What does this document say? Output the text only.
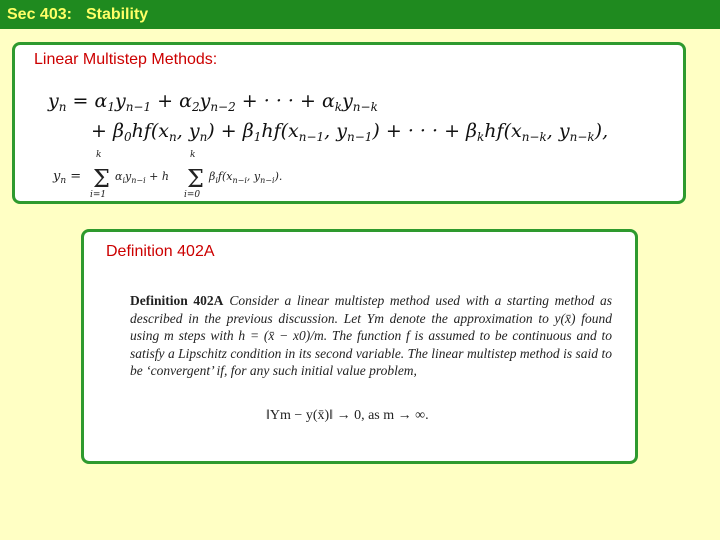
Sec 403: Stability
Linear Multistep Methods:
$y_n = \alpha_1y_{n-1} + \alpha_2y_{n-2}$ + · · · + $\alpha_ky_{n-k}$
+ $\beta_0hf(x_n$, $y_n) + \beta_1hf(x_{n-1}$, $y_{n-1}$) + · · · + $\beta_khf(x_{n-k}$, $y_{n-k}$),
$y_n = \Sigma$
k
i=1
$\alpha_iy_{n-i} + h$ Σ
k
i=0
$\beta_if(x_{n-i}$, $y_{n-i}$).
Definition 402A
Definition 402A Consider a linear multistep method used with a starting method as described in the previous discussion. Let Ym denote the approximation to y(x̄) found using m steps with h = (x̄ − x0)/m. The function f is assumed to be continuous and to satisfy a Lipschitz condition in its second variable. The linear multistep method is said to be ‘convergent’ if, for any such initial value problem,
‖Ym − y(x̄)‖ → 0, as m → ∞.
